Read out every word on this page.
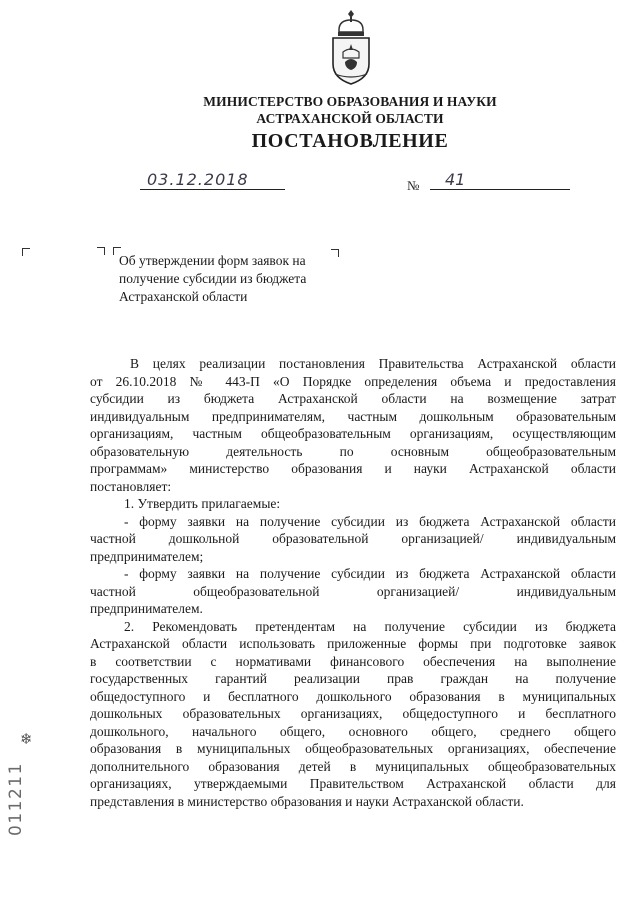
МИНИСТЕРСТВО ОБРАЗОВАНИЯ И НАУКИ
АСТРАХАНСКОЙ ОБЛАСТИ
ПОСТАНОВЛЕНИЕ
03.12.2018	№ 41
Об утверждении форм заявок на
получение субсидии из бюджета
Астраханской области

В целях реализации постановления Правительства Астраханской области

от 26.10.2018 № 443-П «О Порядке определения объема и предоставления

субсидии из бюджета Астраханской области на возмещение затрат

индивидуальным предпринимателям, частным дошкольным образовательным

организациям, частным общеобразовательным организациям, осуществляющим

образовательную деятельность по основным общеобразовательным

программам» министерство образования и науки Астраханской области

постановляет:

1. Утвердить прилагаемые:

- форму заявки на получение субсидии из бюджета Астраханской области

частной дошкольной образовательной организацией/ индивидуальным

предпринимателем;

- форму заявки на получение субсидии из бюджета Астраханской области

частной общеобразовательной организацией/ индивидуальным

предпринимателем.

2. Рекомендовать претендентам на получение субсидии из бюджета

Астраханской области использовать приложенные формы при подготовке заявок

в соответствии с нормативами финансового обеспечения на выполнение

государственных гарантий реализации прав граждан на получение

общедоступного и бесплатного дошкольного образования в муниципальных

дошкольных образовательных организациях, общедоступного и бесплатного

дошкольного, начального общего, основного общего, среднего общего

образования в муниципальных общеобразовательных организациях, обеспечение

дополнительного образования детей в муниципальных общеобразовательных

организациях, утверждаемыми Правительством Астраханской области для

представления в министерство образования и науки Астраханской области.

❄
011211
